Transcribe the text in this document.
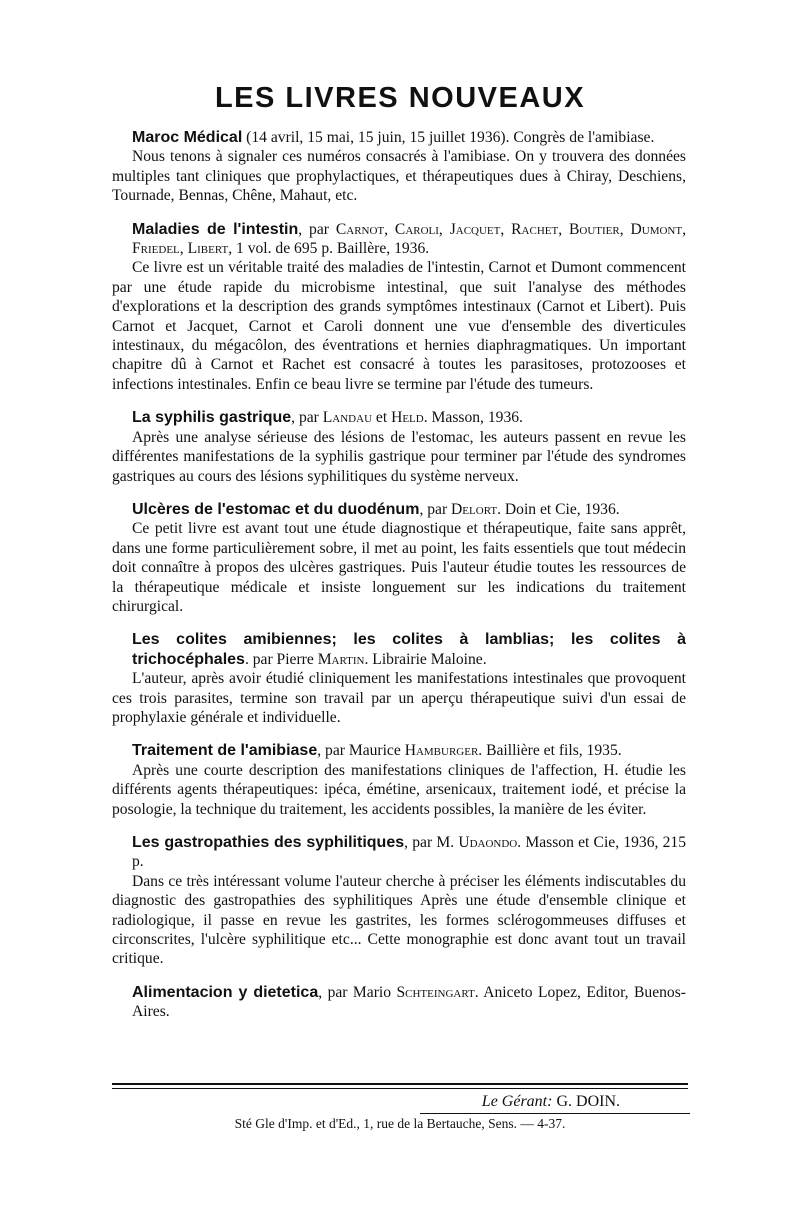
LES LIVRES NOUVEAUX

Maroc Médical (14 avril, 15 mai, 15 juin, 15 juillet 1936). Congrès de l'amibiase.

Nous tenons à signaler ces numéros consacrés à l'amibiase. On y trouvera des données multiples tant cliniques que prophylactiques, et thérapeutiques dues à Chiray, Deschiens, Tournade, Bennas, Chêne, Mahaut, etc.

Maladies de l'intestin, par Carnot, Caroli, Jacquet, Rachet, Boutier, Dumont, Friedel, Libert, 1 vol. de 695 p. Baillère, 1936.

Ce livre est un véritable traité des maladies de l'intestin, Carnot et Dumont commencent par une étude rapide du microbisme intestinal, que suit l'analyse des méthodes d'explorations et la description des grands symptômes intestinaux (Carnot et Libert). Puis Carnot et Jacquet, Carnot et Caroli donnent une vue d'ensemble des diverticules intestinaux, du mégacôlon, des éventrations et hernies diaphragmatiques. Un important chapitre dû à Carnot et Rachet est consacré à toutes les parasitoses, protozooses et infections intestinales. Enfin ce beau livre se termine par l'étude des tumeurs.

La syphilis gastrique, par Landau et Held. Masson, 1936.

Après une analyse sérieuse des lésions de l'estomac, les auteurs passent en revue les différentes manifestations de la syphilis gastrique pour terminer par l'étude des syndromes gastriques au cours des lésions syphilitiques du système nerveux.

Ulcères de l'estomac et du duodénum, par Delort. Doin et Cie, 1936.

Ce petit livre est avant tout une étude diagnostique et thérapeutique, faite sans apprêt, dans une forme particulièrement sobre, il met au point, les faits essentiels que tout médecin doit connaître à propos des ulcères gastriques. Puis l'auteur étudie toutes les ressources de la thérapeutique médicale et insiste longuement sur les indications du traitement chirurgical.

Les colites amibiennes; les colites à lamblias; les colites à trichocéphales. par Pierre Martin. Librairie Maloine.

L'auteur, après avoir étudié cliniquement les manifestations intestinales que provoquent ces trois parasites, termine son travail par un aperçu thérapeutique suivi d'un essai de prophylaxie générale et individuelle.

Traitement de l'amibiase, par Maurice Hamburger. Baillière et fils, 1935.

Après une courte description des manifestations cliniques de l'affection, H. étudie les différents agents thérapeutiques: ipéca, émétine, arsenicaux, traitement iodé, et précise la posologie, la technique du traitement, les accidents possibles, la manière de les éviter.

Les gastropathies des syphilitiques, par M. Udaondo. Masson et Cie, 1936, 215 p.

Dans ce très intéressant volume l'auteur cherche à préciser les éléments indiscutables du diagnostic des gastropathies des syphilitiques Après une étude d'ensemble clinique et radiologique, il passe en revue les gastrites, les formes sclérogommeuses diffuses et circonscrites, l'ulcère syphilitique etc... Cette monographie est donc avant tout un travail critique.

Alimentacion y dietetica, par Mario Schteingart. Aniceto Lopez, Editor, Buenos-Aires.

Le Gérant: G. DOIN.
Sté Gle d'Imp. et d'Ed., 1, rue de la Bertauche, Sens. — 4-37.
